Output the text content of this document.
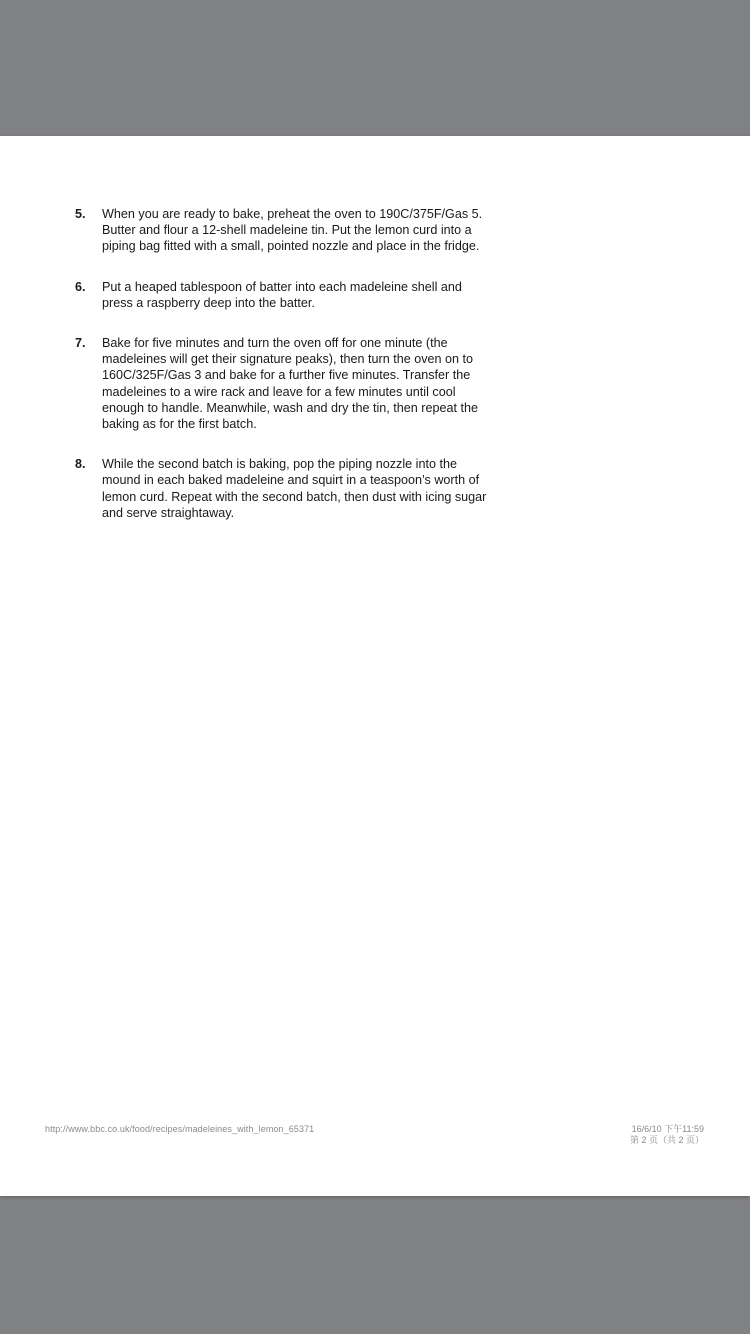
5.	When you are ready to bake, preheat the oven to 190C/375F/Gas 5. Butter and flour a 12-shell madeleine tin. Put the lemon curd into a piping bag fitted with a small, pointed nozzle and place in the fridge.
6.	Put a heaped tablespoon of batter into each madeleine shell and press a raspberry deep into the batter.
7.	Bake for five minutes and turn the oven off for one minute (the madeleines will get their signature peaks), then turn the oven on to 160C/325F/Gas 3 and bake for a further five minutes. Transfer the madeleines to a wire rack and leave for a few minutes until cool enough to handle. Meanwhile, wash and dry the tin, then repeat the baking as for the first batch.
8.	While the second batch is baking, pop the piping nozzle into the mound in each baked madeleine and squirt in a teaspoon’s worth of lemon curd. Repeat with the second batch, then dust with icing sugar and serve straightaway.
http://www.bbc.co.uk/food/recipes/madeleines_with_lemon_65371	16/6/10 下午11:59
第 2 页（共 2 页）
